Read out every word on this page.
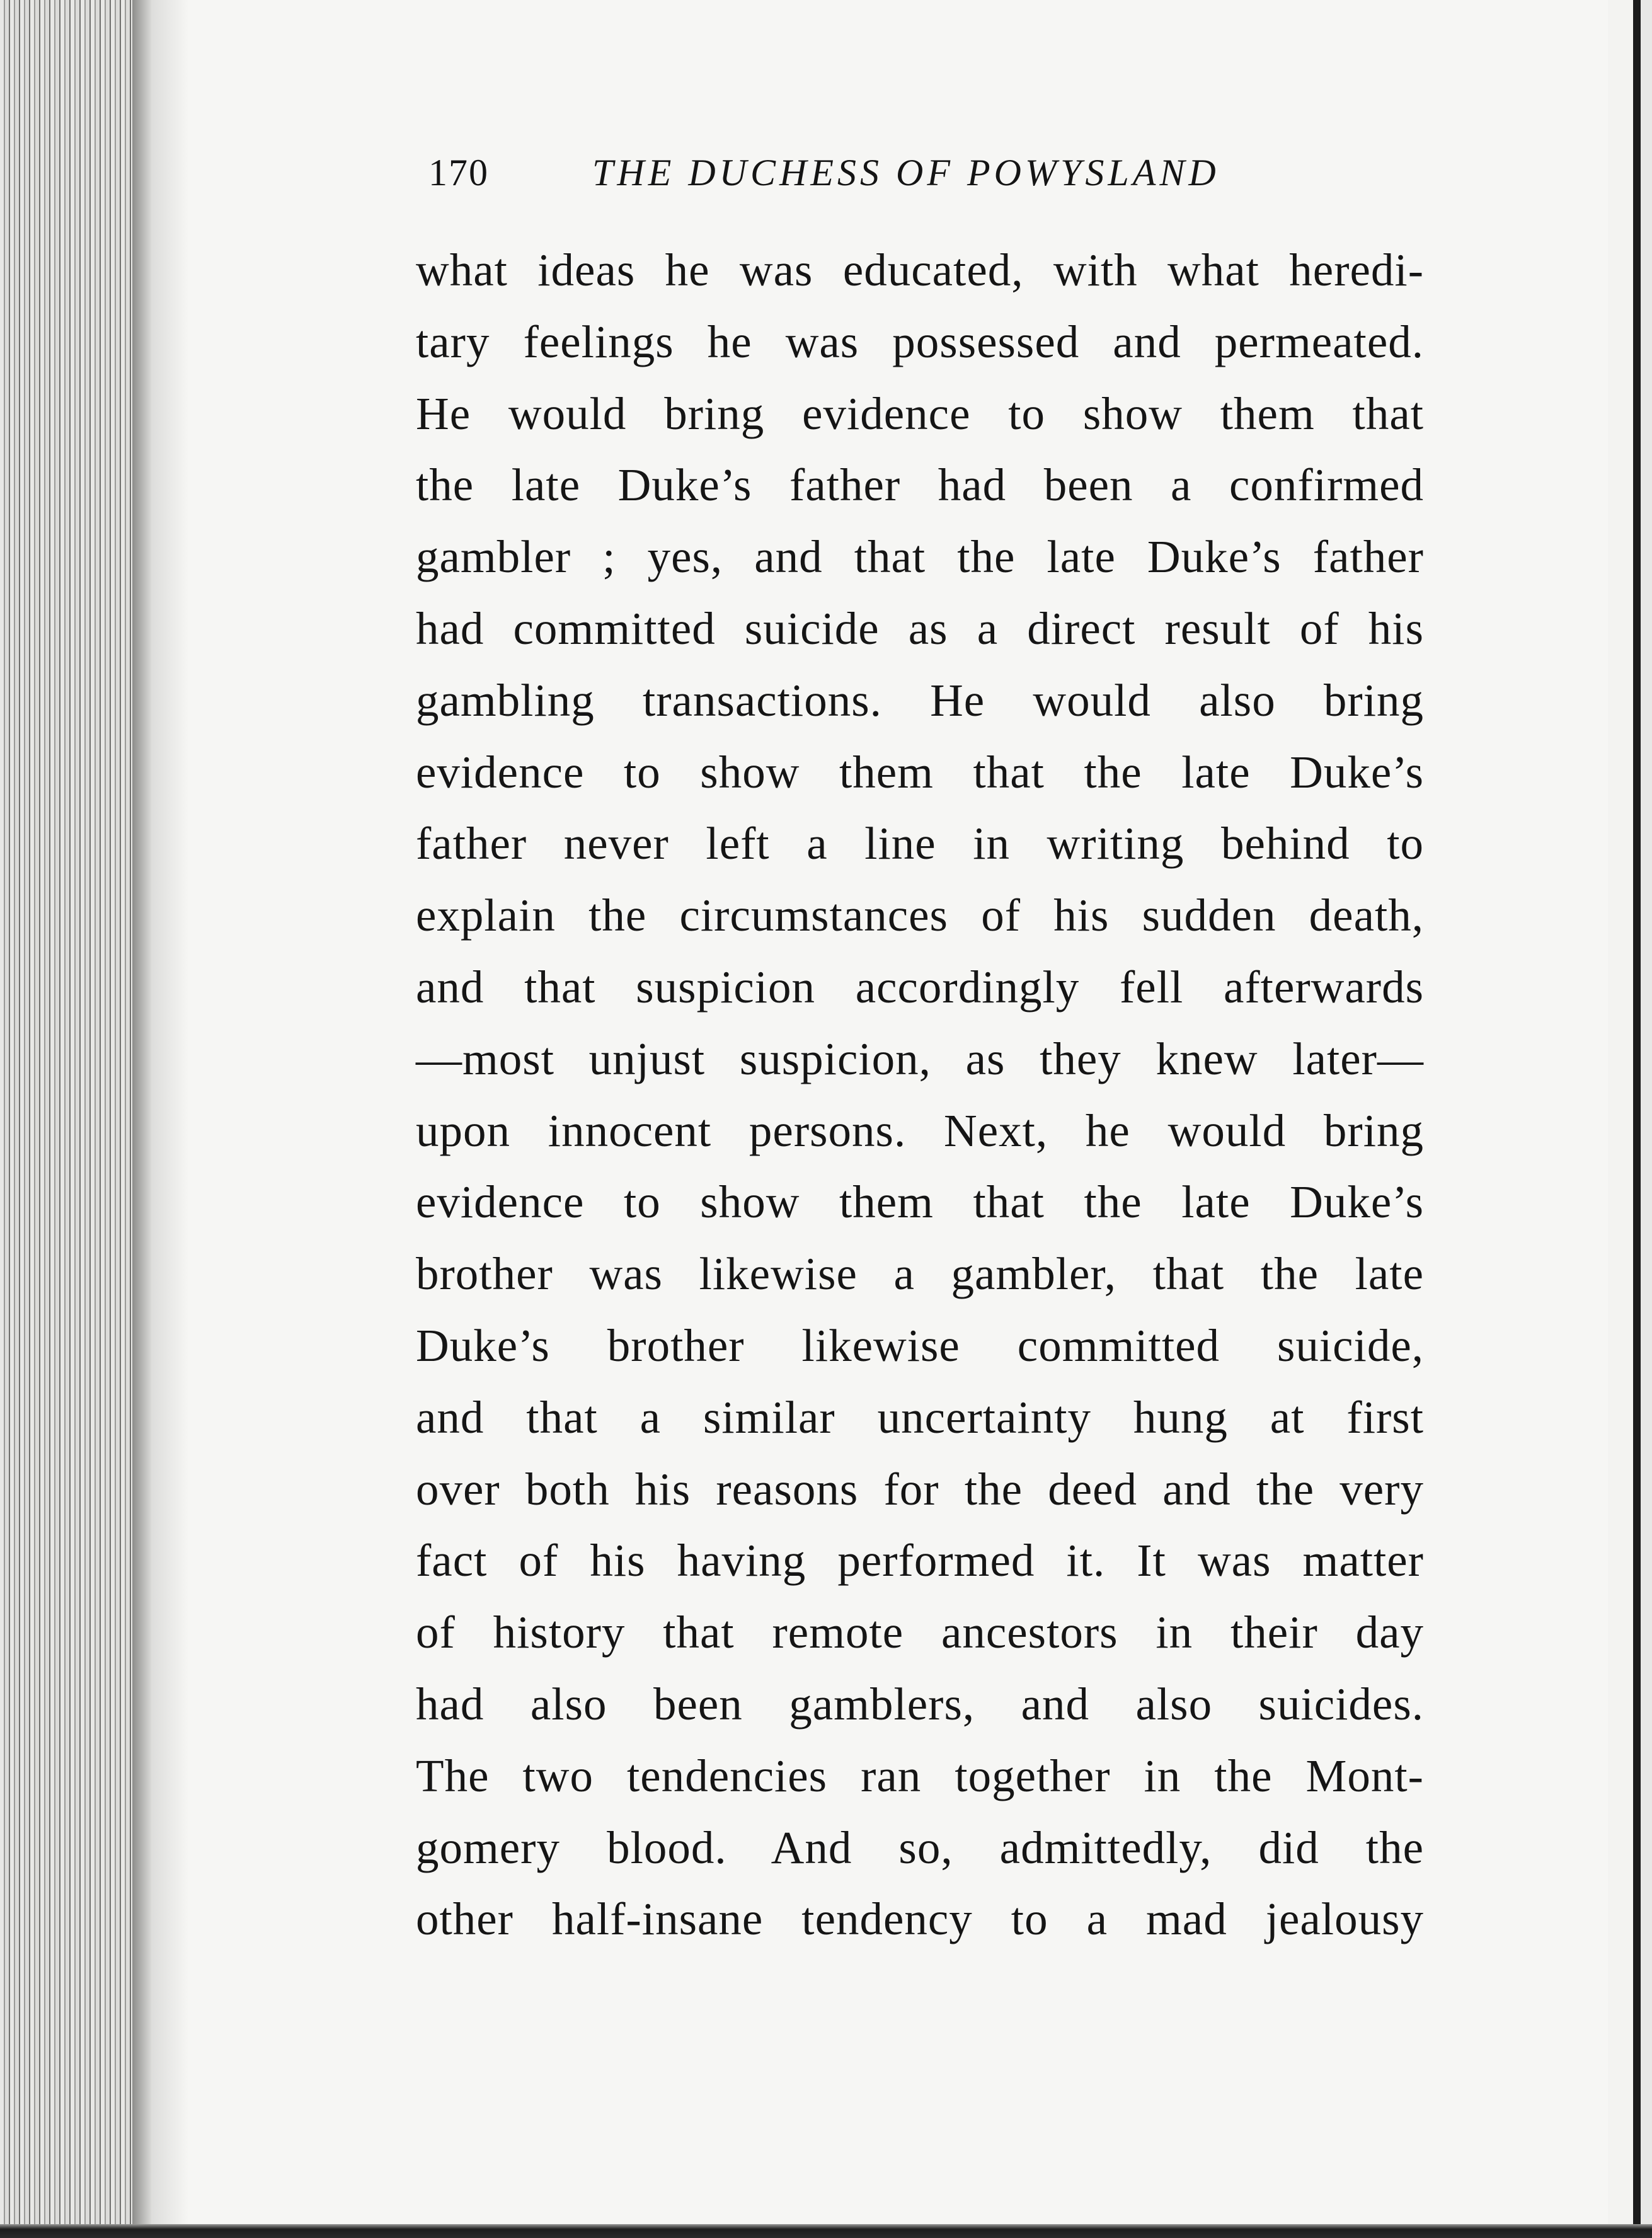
170	THE DUCHESS OF POWYSLAND
what ideas he was educated, with what heredi-
tary feelings he was possessed and permeated.
He would bring evidence to show them that
the late Duke’s father had been a confirmed
gambler ; yes, and that the late Duke’s father
had committed suicide as a direct result of his
gambling transactions. He would also bring
evidence to show them that the late Duke’s
father never left a line in writing behind to
explain the circumstances of his sudden death,
and that suspicion accordingly fell afterwards
—most unjust suspicion, as they knew later—
upon innocent persons. Next, he would bring
evidence to show them that the late Duke’s
brother was likewise a gambler, that the late
Duke’s brother likewise committed suicide,
and that a similar uncertainty hung at first
over both his reasons for the deed and the very
fact of his having performed it. It was matter
of history that remote ancestors in their day
had also been gamblers, and also suicides.
The two tendencies ran together in the Mont-
gomery blood. And so, admittedly, did the
other half-insane tendency to a mad jealousy
